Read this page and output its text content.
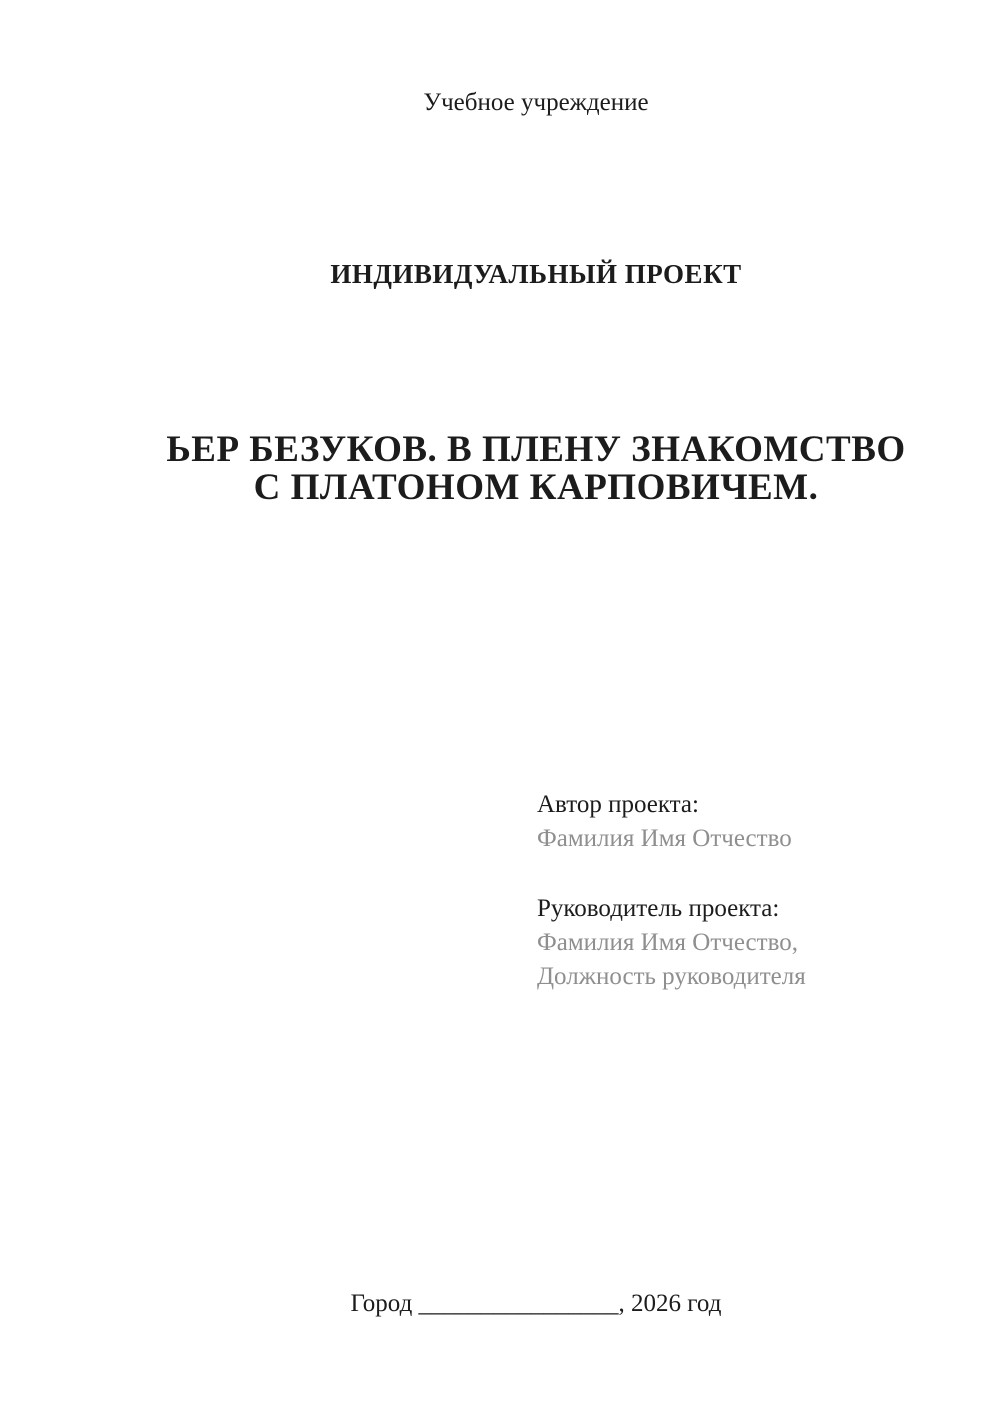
Учебное учреждение
ИНДИВИДУАЛЬНЫЙ ПРОЕКТ
ЬЕР БЕЗУКОВ. В ПЛЕНУ ЗНАКОМСТВО
С ПЛАТОНОМ КАРПОВИЧЕМ.

Автор проекта:

Фамилия Имя Отчество

Руководитель проекта:

Фамилия Имя Отчество,

Должность руководителя

Город ________________, 2026 год
